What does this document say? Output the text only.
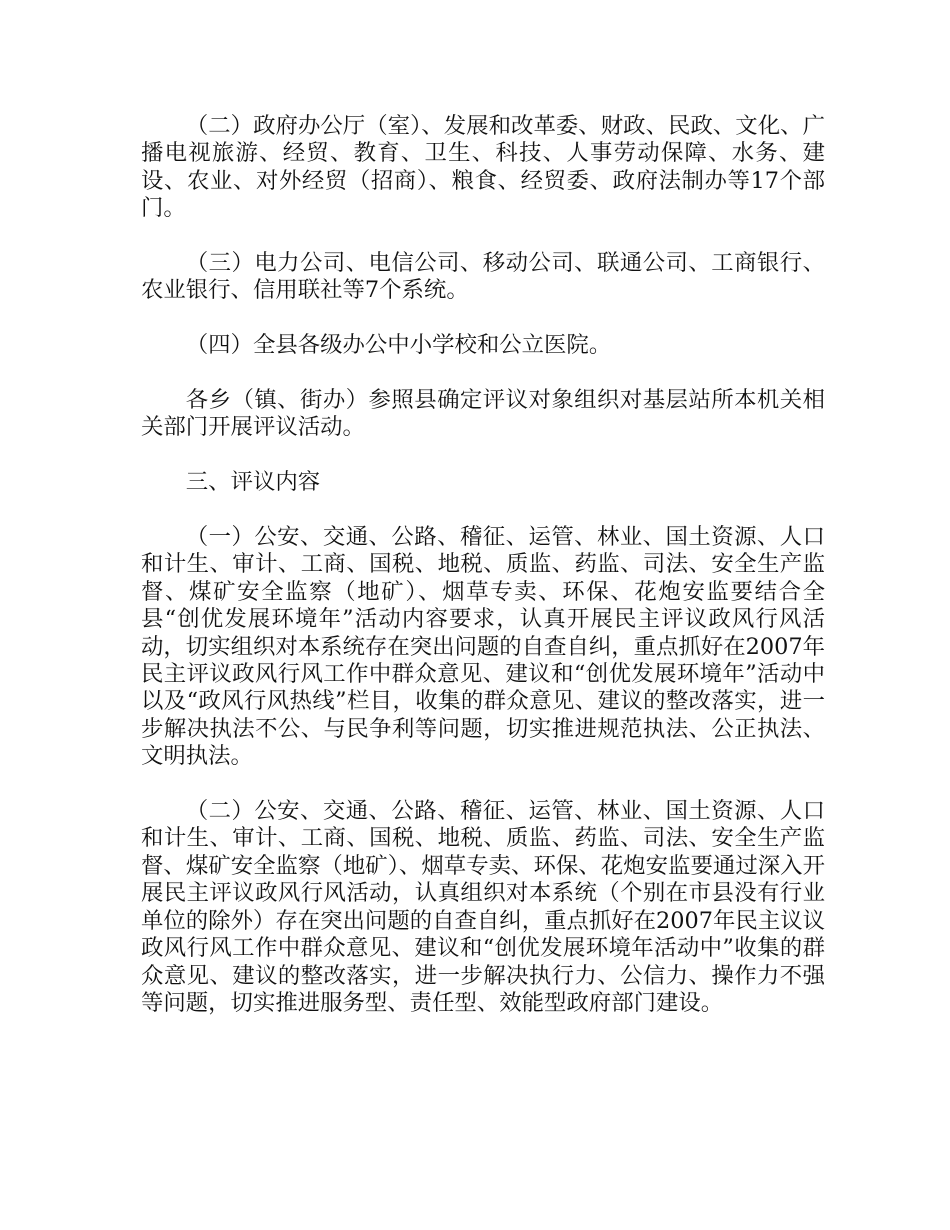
（二）政府办公厅（室）、发展和改革委、财政、民政、文化、广播电视旅游、经贸、教育、卫生、科技、人事劳动保障、水务、建设、农业、对外经贸（招商）、粮食、经贸委、政府法制办等17个部门。

（三）电力公司、电信公司、移动公司、联通公司、工商银行、农业银行、信用联社等7个系统。

（四）全县各级办公中小学校和公立医院。

各乡（镇、街办）参照县确定评议对象组织对基层站所本机关相关部门开展评议活动。

三、评议内容

（一）公安、交通、公路、稽征、运管、林业、国土资源、人口和计生、审计、工商、国税、地税、质监、药监、司法、安全生产监督、煤矿安全监察（地矿）、烟草专卖、环保、花炮安监要结合全县“创优发展环境年”活动内容要求，认真开展民主评议政风行风活动，切实组织对本系统存在突出问题的自查自纠，重点抓好在2007年民主评议政风行风工作中群众意见、建议和“创优发展环境年”活动中以及“政风行风热线”栏目，收集的群众意见、建议的整改落实，进一步解决执法不公、与民争利等问题，切实推进规范执法、公正执法、文明执法。

（二）公安、交通、公路、稽征、运管、林业、国土资源、人口和计生、审计、工商、国税、地税、质监、药监、司法、安全生产监督、煤矿安全监察（地矿）、烟草专卖、环保、花炮安监要通过深入开展民主评议政风行风活动，认真组织对本系统（个别在市县没有行业单位的除外）存在突出问题的自查自纠，重点抓好在2007年民主议议政风行风工作中群众意见、建议和“创优发展环境年活动中”收集的群众意见、建议的整改落实，进一步解决执行力、公信力、操作力不强等问题，切实推进服务型、责任型、效能型政府部门建设。
